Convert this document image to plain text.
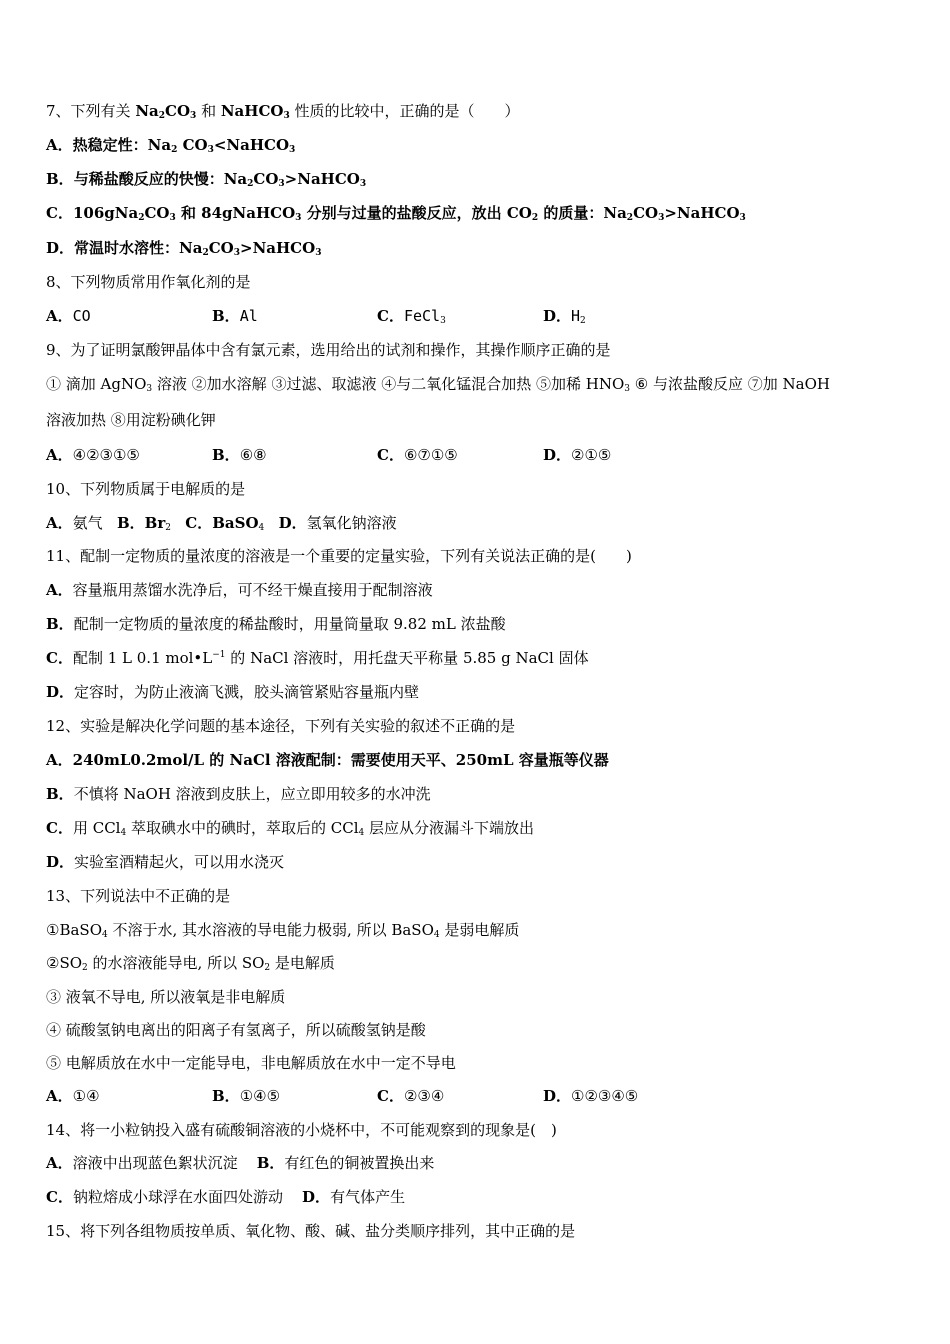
7、下列有关 $Na_2CO_3$ 和 NaHCO$_3$ 性质的比较中，正确的是（　　）
A．热稳定性：$Na_2$ $CO_3<NaHCO_3$
B．与稀盐酸反应的快慢：$Na_2CO_3>NaHCO_3$
C．$106gNa_2CO_3$ 和 84gNaHCO$_3$ 分别与过量的盐酸反应，放出 $CO_2$ 的质量：$Na_2CO_3>NaHCO_3$
D．常温时水溶性：$Na_2CO_3>NaHCO_3$
8、下列物质常用作氧化剂的是
A．CO	B．Al	C．FeCl$_3$	D．$H_2$
9、为了证明氯酸钾晶体中含有氯元素，选用给出的试剂和操作，其操作顺序正确的是
① 滴加 AgNO$_3$ 溶液 ②加水溶解 ③过滤、取滤液 ④与二氧化锰混合加热 ⑤加稀 $HNO_3$ ⑥ 与浓盐酸反应 ⑦加 NaOH
溶液加热 ⑧用淀粉碘化钾
A．④②③①⑤	B．⑥⑧	C．⑥⑦①⑤	D．②①⑤
10、下列物质属于电解质的是
A．氨气 B．$Br_2$ C．BaSO$_4$ D．氢氧化钠溶液
11、配制一定物质的量浓度的溶液是一个重要的定量实验，下列有关说法正确的是(　　)
A．容量瓶用蒸馏水洗净后，可不经干燥直接用于配制溶液
B．配制一定物质的量浓度的稀盐酸时，用量筒量取 9.82 mL 浓盐酸
C．配制 1 L 0.1 $mol•L^{-1}$ 的 NaCl 溶液时，用托盘天平称量 5.85 g NaCl 固体
D．定容时，为防止液滴飞溅，胶头滴管紧贴容量瓶内壁
12、实验是解决化学问题的基本途径，下列有关实验的叙述不正确的是
A．240mL0.2mol/L 的 NaCl 溶液配制：需要使用天平、250mL 容量瓶等仪器
B．不慎将 NaOH 溶液到皮肤上，应立即用较多的水冲洗
C．用 CCl$_4$ 萃取碘水中的碘时，萃取后的 CCl$_4$ 层应从分液漏斗下端放出
D．实验室酒精起火，可以用水浇灭
13、下列说法中不正确的是
①BaSO$_4$ 不溶于水, 其水溶液的导电能力极弱, 所以 BaSO$_4$ 是弱电解质
$②SO_2$ 的水溶液能导电, 所以 $SO_2$ 是电解质
③ 液氧不导电, 所以液氧是非电解质
④ 硫酸氢钠电离出的阳离子有氢离子，所以硫酸氢钠是酸
⑤ 电解质放在水中一定能导电，非电解质放在水中一定不导电
A．①④	B．①④⑤	C．②③④	D．①②③④⑤
14、将一小粒钠投入盛有硫酸铜溶液的小烧杯中，不可能观察到的现象是(　)
A．溶液中出现蓝色絮状沉淀 B．有红色的铜被置换出来
C．钠粒熔成小球浮在水面四处游动 D．有气体产生
15、将下列各组物质按单质、氧化物、酸、碱、盐分类顺序排列，其中正确的是
